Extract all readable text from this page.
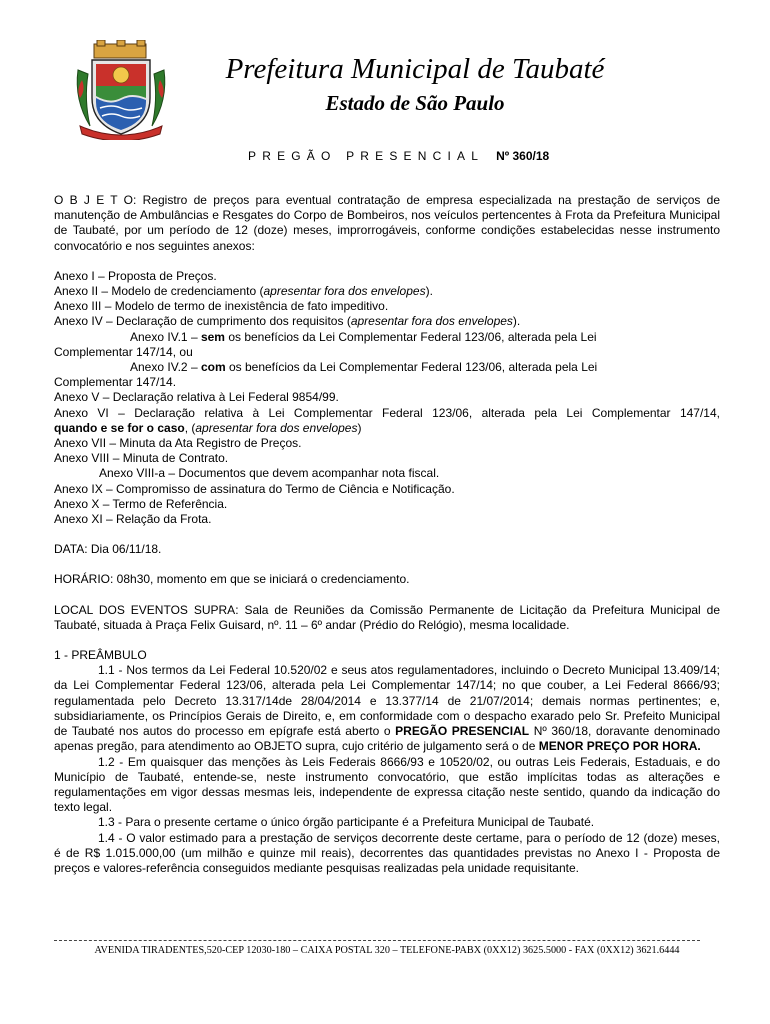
Prefeitura Municipal de Taubaté
Estado de São Paulo
PREGÃO PRESENCIAL Nº 360/18

O B J E T O: Registro de preços para eventual contratação de empresa especializada na prestação de serviços de manutenção de Ambulâncias e Resgates do Corpo de Bombeiros, nos veículos pertencentes à Frota da Prefeitura Municipal de Taubaté, por um período de 12 (doze) meses, improrrogáveis, conforme condições estabelecidas nesse instrumento convocatório e nos seguintes anexos:

Anexo I – Proposta de Preços.

Anexo II – Modelo de credenciamento (apresentar fora dos envelopes).

Anexo III – Modelo de termo de inexistência de fato impeditivo.

Anexo IV – Declaração de cumprimento dos requisitos (apresentar fora dos envelopes).

Anexo IV.1 – sem os benefícios da Lei Complementar Federal 123/06, alterada pela Lei

Complementar 147/14, ou

Anexo IV.2 – com os benefícios da Lei Complementar Federal 123/06, alterada pela Lei

Complementar 147/14.

Anexo V – Declaração relativa à Lei Federal 9854/99.

Anexo VI – Declaração relativa à Lei Complementar Federal 123/06, alterada pela Lei Complementar 147/14,

quando e se for o caso, (apresentar fora dos envelopes)

Anexo VII – Minuta da Ata Registro de Preços.

Anexo VIII – Minuta de Contrato.

Anexo VIII-a – Documentos que devem acompanhar nota fiscal.

Anexo IX – Compromisso de assinatura do Termo de Ciência e Notificação.

Anexo X – Termo de Referência.

Anexo XI – Relação da Frota.

DATA: Dia 06/11/18.

HORÁRIO: 08h30, momento em que se iniciará o credenciamento.

LOCAL DOS EVENTOS SUPRA: Sala de Reuniões da Comissão Permanente de Licitação da Prefeitura Municipal de Taubaté, situada à Praça Felix Guisard, nº. 11 – 6º andar (Prédio do Relógio), mesma localidade.

1 - PREÂMBULO

1.1 - Nos termos da Lei Federal 10.520/02 e seus atos regulamentadores, incluindo o Decreto Municipal 13.409/14; da Lei Complementar Federal 123/06, alterada pela Lei Complementar 147/14; no que couber, a Lei Federal 8666/93; regulamentada pelo Decreto 13.317/14de 28/04/2014 e 13.377/14 de 21/07/2014; demais normas pertinentes; e, subsidiariamente, os Princípios Gerais de Direito, e, em conformidade com o despacho exarado pelo Sr. Prefeito Municipal de Taubaté nos autos do processo em epígrafe está aberto o PREGÃO PRESENCIAL Nº 360/18, doravante denominado apenas pregão, para atendimento ao OBJETO supra, cujo critério de julgamento será o de MENOR PREÇO POR HORA.

1.2 - Em quaisquer das menções às Leis Federais 8666/93 e 10520/02, ou outras Leis Federais, Estaduais, e do Município de Taubaté, entende-se, neste instrumento convocatório, que estão implícitas todas as alterações e regulamentações em vigor dessas mesmas leis, independente de expressa citação neste sentido, quando da indicação do texto legal.

1.3 - Para o presente certame o único órgão participante é a Prefeitura Municipal de Taubaté.

1.4 - O valor estimado para a prestação de serviços decorrente deste certame, para o período de 12 (doze) meses, é de R$ 1.015.000,00 (um milhão e quinze mil reais), decorrentes das quantidades previstas no Anexo I - Proposta de preços e valores-referência conseguidos mediante pesquisas realizadas pela unidade requisitante.

AVENIDA TIRADENTES,520-CEP 12030-180 – CAIXA POSTAL 320 – TELEFONE-PABX (0XX12) 3625.5000 - FAX (0XX12) 3621.6444
